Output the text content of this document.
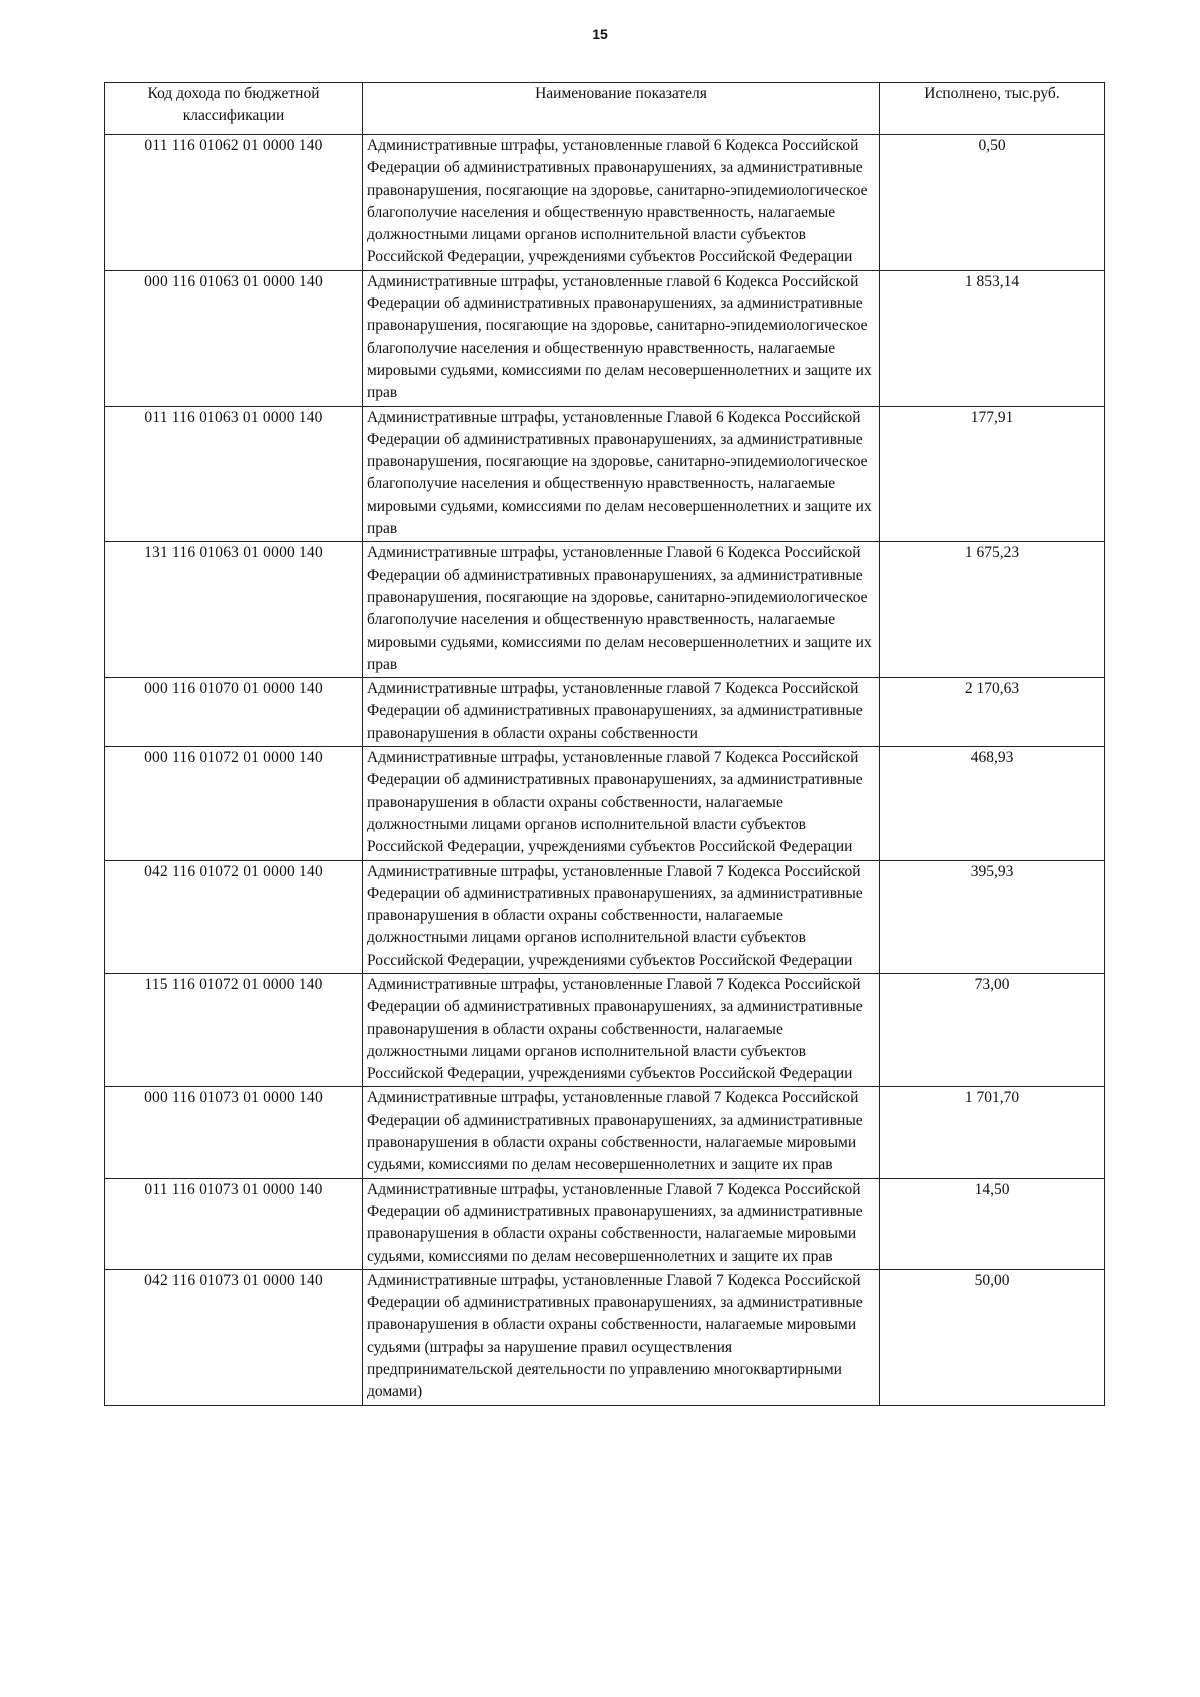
15
Код дохода по бюджетной классификации	Наименование показателя	Исполнено, тыс.руб.
011 116 01062 01 0000 140	Административные штрафы, установленные главой 6 Кодекса Российской Федерации об административных правонарушениях, за административные правонарушения, посягающие на здоровье, санитарно-эпидемиологическое благополучие населения и общественную нравственность, налагаемые должностными лицами органов исполнительной власти субъектов Российской Федерации, учреждениями субъектов Российской Федерации	0,50
000 116 01063 01 0000 140	Административные штрафы, установленные главой 6 Кодекса Российской Федерации об административных правонарушениях, за административные правонарушения, посягающие на здоровье, санитарно-эпидемиологическое благополучие населения и общественную нравственность, налагаемые мировыми судьями, комиссиями по делам несовершеннолетних и защите их прав	1 853,14
011 116 01063 01 0000 140	Административные штрафы, установленные Главой 6 Кодекса Российской Федерации об административных правонарушениях, за административные правонарушения, посягающие на здоровье, санитарно-эпидемиологическое благополучие населения и общественную нравственность, налагаемые мировыми судьями, комиссиями по делам несовершеннолетних и защите их прав	177,91
131 116 01063 01 0000 140	Административные штрафы, установленные Главой 6 Кодекса Российской Федерации об административных правонарушениях, за административные правонарушения, посягающие на здоровье, санитарно-эпидемиологическое благополучие населения и общественную нравственность, налагаемые мировыми судьями, комиссиями по делам несовершеннолетних и защите их прав	1 675,23
000 116 01070 01 0000 140	Административные штрафы, установленные главой 7 Кодекса Российской Федерации об административных правонарушениях, за административные правонарушения в области охраны собственности	2 170,63
000 116 01072 01 0000 140	Административные штрафы, установленные главой 7 Кодекса Российской Федерации об административных правонарушениях, за административные правонарушения в области охраны собственности, налагаемые должностными лицами органов исполнительной власти субъектов Российской Федерации, учреждениями субъектов Российской Федерации	468,93
042 116 01072 01 0000 140	Административные штрафы, установленные Главой 7 Кодекса Российской Федерации об административных правонарушениях, за административные правонарушения в области охраны собственности, налагаемые должностными лицами органов исполнительной власти субъектов Российской Федерации, учреждениями субъектов Российской Федерации	395,93
115 116 01072 01 0000 140	Административные штрафы, установленные Главой 7 Кодекса Российской Федерации об административных правонарушениях, за административные правонарушения в области охраны собственности, налагаемые должностными лицами органов исполнительной власти субъектов Российской Федерации, учреждениями субъектов Российской Федерации	73,00
000 116 01073 01 0000 140	Административные штрафы, установленные главой 7 Кодекса Российской Федерации об административных правонарушениях, за административные правонарушения в области охраны собственности, налагаемые мировыми судьями, комиссиями по делам несовершеннолетних и защите их прав	1 701,70
011 116 01073 01 0000 140	Административные штрафы, установленные Главой 7 Кодекса Российской Федерации об административных правонарушениях, за административные правонарушения в области охраны собственности, налагаемые мировыми судьями, комиссиями по делам несовершеннолетних и защите их прав	14,50
042 116 01073 01 0000 140	Административные штрафы, установленные Главой 7 Кодекса Российской Федерации об административных правонарушениях, за административные правонарушения в области охраны собственности, налагаемые мировыми судьями (штрафы за нарушение правил осуществления предпринимательской деятельности по управлению многоквартирными домами)	50,00
